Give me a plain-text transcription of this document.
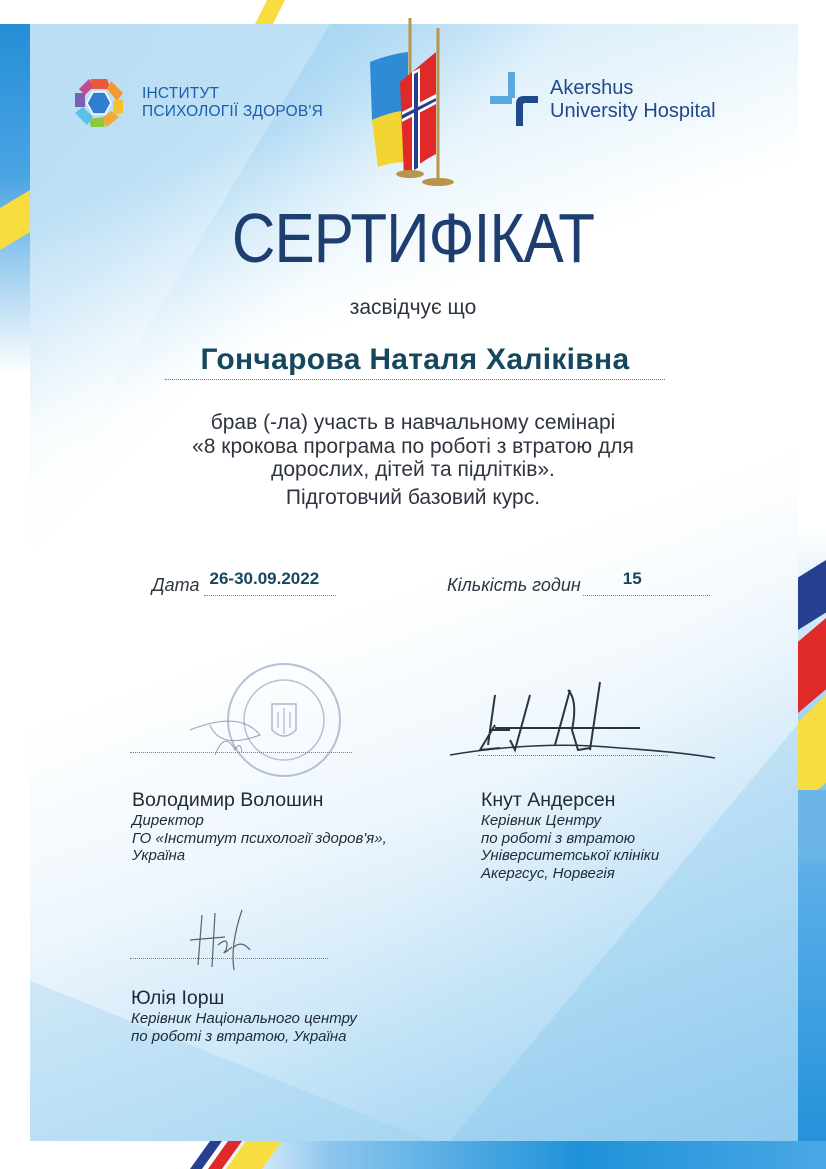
ІНСТИТУТ
ПСИХОЛОГІЇ ЗДОРОВ'Я
Akershus
University Hospital
СЕРТИФІКАТ
засвідчує що
Гончарова Наталя Халіківна
брав (-ла) участь в навчальному семінарі
«8 крокова програма по роботі з втратою для
дорослих, дітей та підлітків».
Підготовчий базовий курс.
Дата 26-30.09.2022	Кількість годин 15
Володимир Волошин
Директор
ГО «Інститут психології здоров'я»,
Україна
Кнут Андерсен
Керівник Центру
по роботі з втратою
Університетської клініки
Акергсус, Норвегія
Юлія Іорш
Керівник Національного центру
по роботі з втратою, Україна
